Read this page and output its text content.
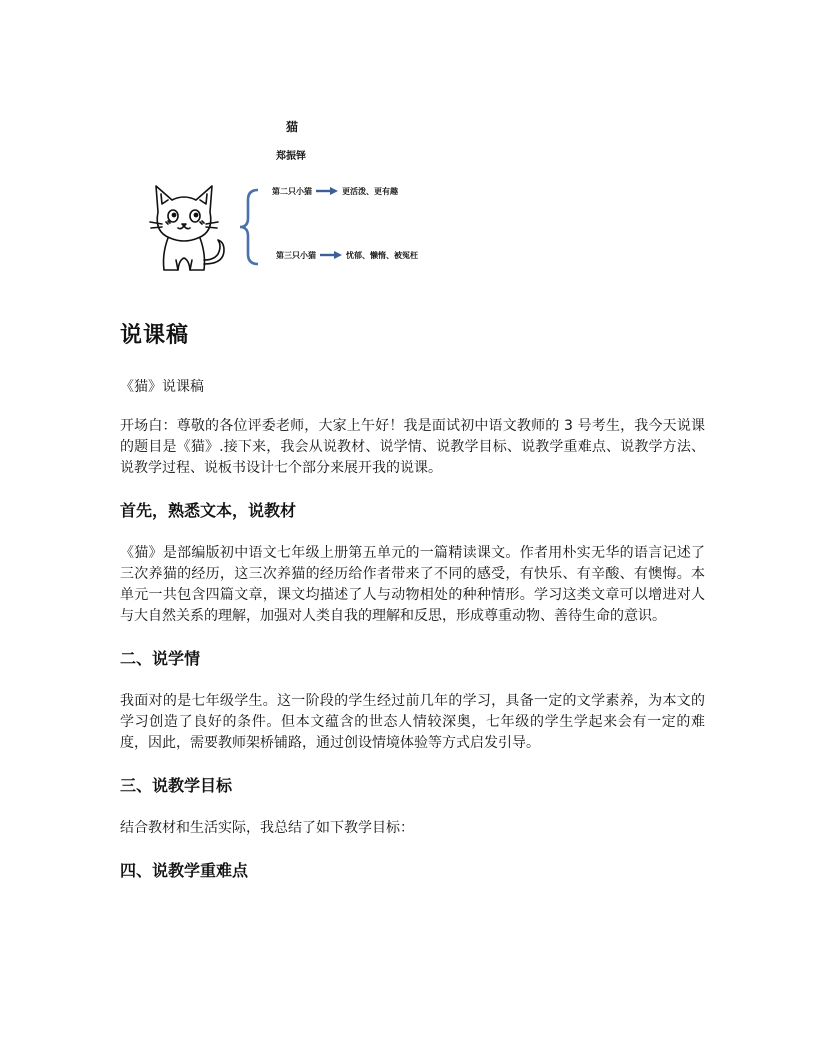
猫
郑振铎
第二只小猫	更活泼、更有趣
第三只小猫	忧郁、懒惰、被冤枉
说课稿

《猫》说课稿

开场白：尊敬的各位评委老师，大家上午好！我是面试初中语文教师的 3 号考生，我今天说课的题目是《猫》.接下来，我会从说教材、说学情、说教学目标、说教学重难点、说教学方法、说教学过程、说板书设计七个部分来展开我的说课。

首先，熟悉文本，说教材

《猫》是部编版初中语文七年级上册第五单元的一篇精读课文。作者用朴实无华的语言记述了三次养猫的经历，这三次养猫的经历给作者带来了不同的感受，有快乐、有辛酸、有懊悔。本单元一共包含四篇文章，课文均描述了人与动物相处的种种情形。学习这类文章可以增进对人与大自然关系的理解，加强对人类自我的理解和反思，形成尊重动物、善待生命的意识。

二、说学情

我面对的是七年级学生。这一阶段的学生经过前几年的学习，具备一定的文学素养，为本文的学习创造了良好的条件。但本文蕴含的世态人情较深奥，七年级的学生学起来会有一定的难度，因此，需要教师架桥铺路，通过创设情境体验等方式启发引导。

三、说教学目标

结合教材和生活实际，我总结了如下教学目标：

四、说教学重难点
